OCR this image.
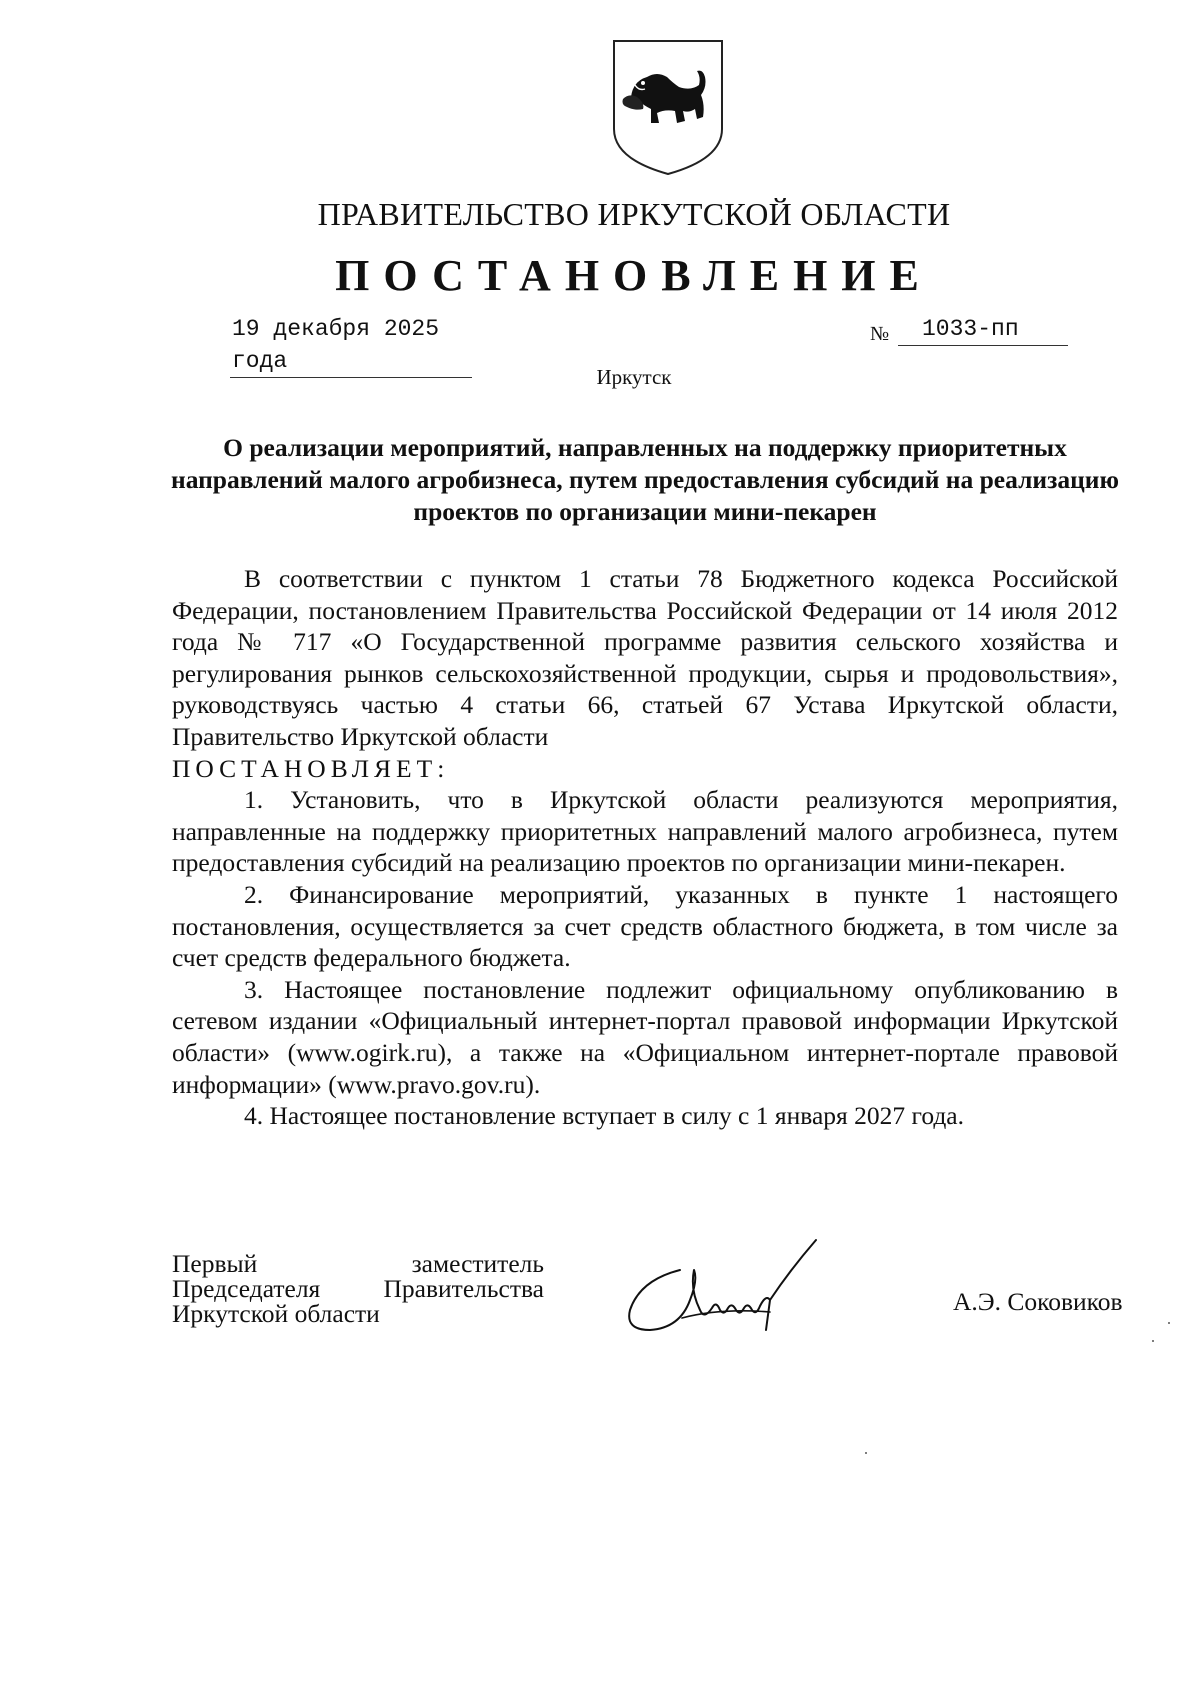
ПРАВИТЕЛЬСТВО ИРКУТСКОЙ ОБЛАСТИ
ПОСТАНОВЛЕНИЕ
19 декабря 2025 года
№	1033-пп
Иркутск
О реализации мероприятий, направленных на поддержку приоритетных направлений малого агробизнеса, путем предоставления субсидий на реализацию проектов по организации мини-пекарен

В соответствии с пунктом 1 статьи 78 Бюджетного кодекса Российской Федерации, постановлением Правительства Российской Федерации от 14 июля 2012 года № 717 «О Государственной программе развития сельского хозяйства и регулирования рынков сельскохозяйственной продукции, сырья и продовольствия», руководствуясь частью 4 статьи 66, статьей 67 Устава Иркутской области, Правительство Иркутской области

ПОСТАНОВЛЯЕТ:

1. Установить, что в Иркутской области реализуются мероприятия, направленные на поддержку приоритетных направлений малого агробизнеса, путем предоставления субсидий на реализацию проектов по организации мини-пекарен.

2. Финансирование мероприятий, указанных в пункте 1 настоящего постановления, осуществляется за счет средств областного бюджета, в том числе за счет средств федерального бюджета.

3. Настоящее постановление подлежит официальному опубликованию в сетевом издании «Официальный интернет-портал правовой информации Иркутской области» (www.ogirk.ru), а также на «Официальном интернет-портале правовой информации» (www.pravo.gov.ru).

4. Настоящее постановление вступает в силу с 1 января 2027 года.

Первый заместитель
Председателя Правительства
Иркутской области	А.Э. Соковиков
